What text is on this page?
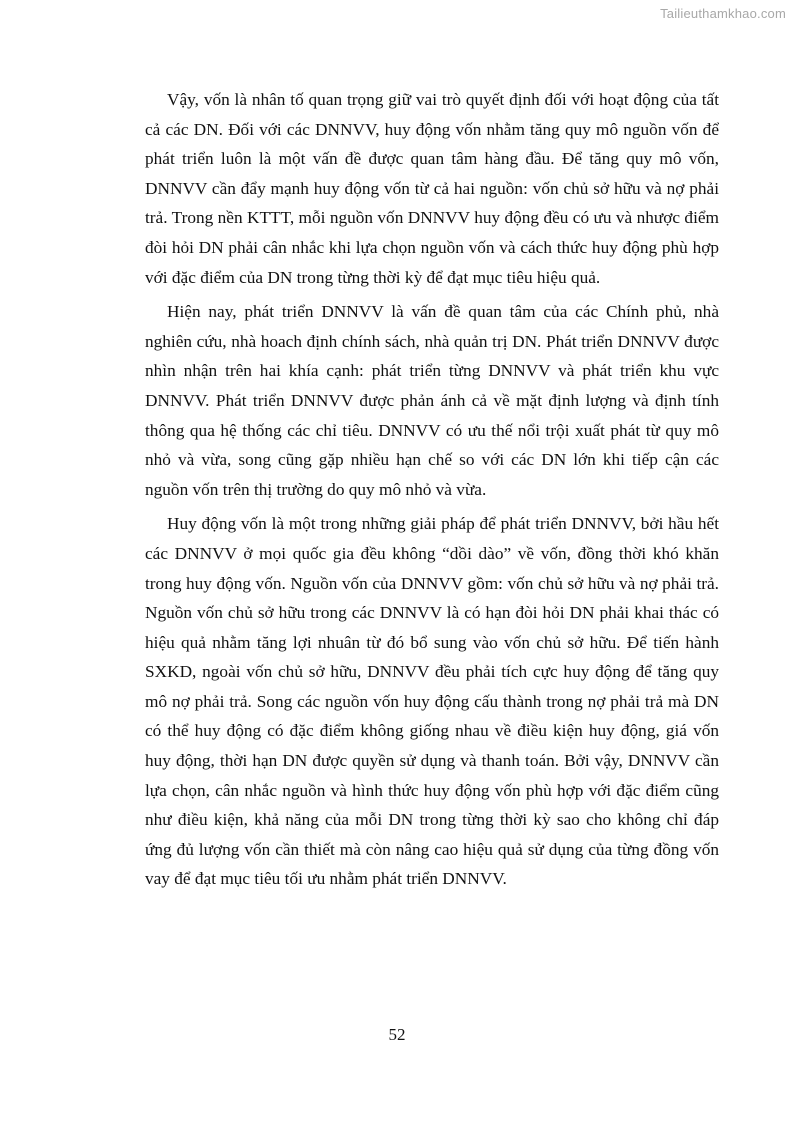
Tailieuthamkhao.com

Vậy, vốn là nhân tố quan trọng giữ vai trò quyết định đối với hoạt động của tất cả các DN. Đối với các DNNVV, huy động vốn nhằm tăng quy mô nguồn vốn để phát triển luôn là một vấn đề được quan tâm hàng đầu. Để tăng quy mô vốn, DNNVV cần đẩy mạnh huy động vốn từ cả hai nguồn: vốn chủ sở hữu và nợ phải trả. Trong nền KTTT, mỗi nguồn vốn DNNVV huy động đều có ưu và nhược điểm đòi hỏi DN phải cân nhắc khi lựa chọn nguồn vốn và cách thức huy động phù hợp với đặc điểm của DN trong từng thời kỳ để đạt mục tiêu hiệu quả.

Hiện nay, phát triển DNNVV là vấn đề quan tâm của các Chính phủ, nhà nghiên cứu, nhà hoach định chính sách, nhà quản trị DN. Phát triển DNNVV được nhìn nhận trên hai khía cạnh: phát triển từng DNNVV và phát triển khu vực DNNVV. Phát triển DNNVV được phản ánh cả về mặt định lượng và định tính thông qua hệ thống các chỉ tiêu. DNNVV có ưu thế nổi trội xuất phát từ quy mô nhỏ và vừa, song cũng gặp nhiều hạn chế so với các DN lớn khi tiếp cận các nguồn vốn trên thị trường do quy mô nhỏ và vừa.

Huy động vốn là một trong những giải pháp để phát triển DNNVV, bởi hầu hết các DNNVV ở mọi quốc gia đều không “dồi dào” về vốn, đồng thời khó khăn trong huy động vốn. Nguồn vốn của DNNVV gồm: vốn chủ sở hữu và nợ phải trả. Nguồn vốn chủ sở hữu trong các DNNVV là có hạn đòi hỏi DN phải khai thác có hiệu quả nhằm tăng lợi nhuân từ đó bổ sung vào vốn chủ sở hữu. Để tiến hành SXKD, ngoài vốn chủ sở hữu, DNNVV đều phải tích cực huy động để tăng quy mô nợ phải trả. Song các nguồn vốn huy động cấu thành trong nợ phải trả mà DN có thể huy động có đặc điểm không giống nhau về điều kiện huy động, giá vốn huy động, thời hạn DN được quyền sử dụng và thanh toán. Bởi vậy, DNNVV cần lựa chọn, cân nhắc nguồn và hình thức huy động vốn phù hợp với đặc điểm cũng như điều kiện, khả năng của mỗi DN trong từng thời kỳ sao cho không chỉ đáp ứng đủ lượng vốn cần thiết mà còn nâng cao hiệu quả sử dụng của từng đồng vốn vay để đạt mục tiêu tối ưu nhằm phát triển DNNVV.

52
